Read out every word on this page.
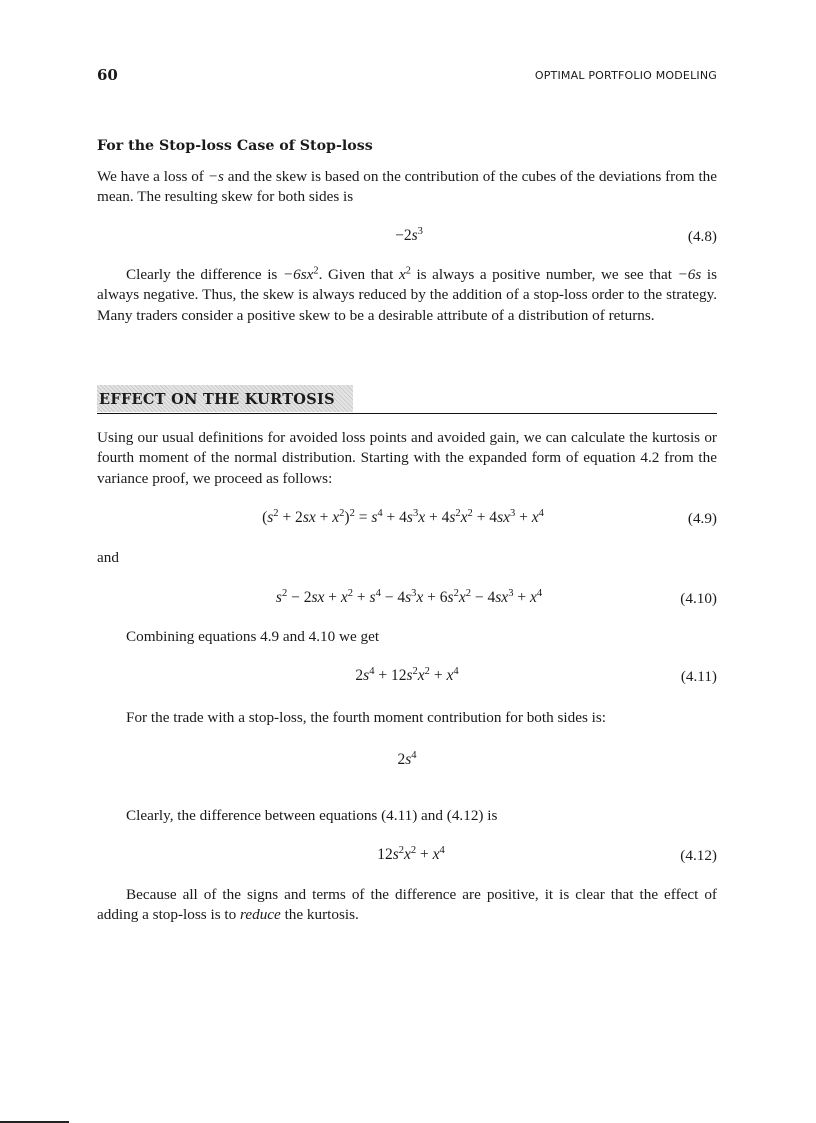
60	OPTIMAL PORTFOLIO MODELING
For the Stop-loss Case of Stop-loss

We have a loss of −s and the skew is based on the contribution of the cubes of the deviations from the mean. The resulting skew for both sides is

$-2s^3$	(4.8)

Clearly the difference is $-6sx^2$. Given that $x^2$ is always a positive number, we see that −6s is always negative. Thus, the skew is always reduced by the addition of a stop-loss order to the strategy. Many traders consider a positive skew to be a desirable attribute of a distribution of returns.

EFFECT ON THE KURTOSIS

Using our usual definitions for avoided loss points and avoided gain, we can calculate the kurtosis or fourth moment of the normal distribution. Starting with the expanded form of equation 4.2 from the variance proof, we proceed as follows:

$(s^2 + 2sx + x^2)^2 = s^4 + 4s^3x + 4s^2x^2 + 4sx^3 + x^4$	(4.9)

and

$s^2 - 2sx + x^2 + s^4 - 4s^3x + 6s^2x^2 - 4sx^3 + x^4$	(4.10)

Combining equations 4.9 and 4.10 we get

$2s^4 + 12s^2x^2 + x^4$	(4.11)

For the trade with a stop-loss, the fourth moment contribution for both sides is:

$2s^4$

Clearly, the difference between equations (4.11) and (4.12) is

$12s^2x^2 + x^4$	(4.12)

Because all of the signs and terms of the difference are positive, it is clear that the effect of adding a stop-loss is to reduce the kurtosis.
